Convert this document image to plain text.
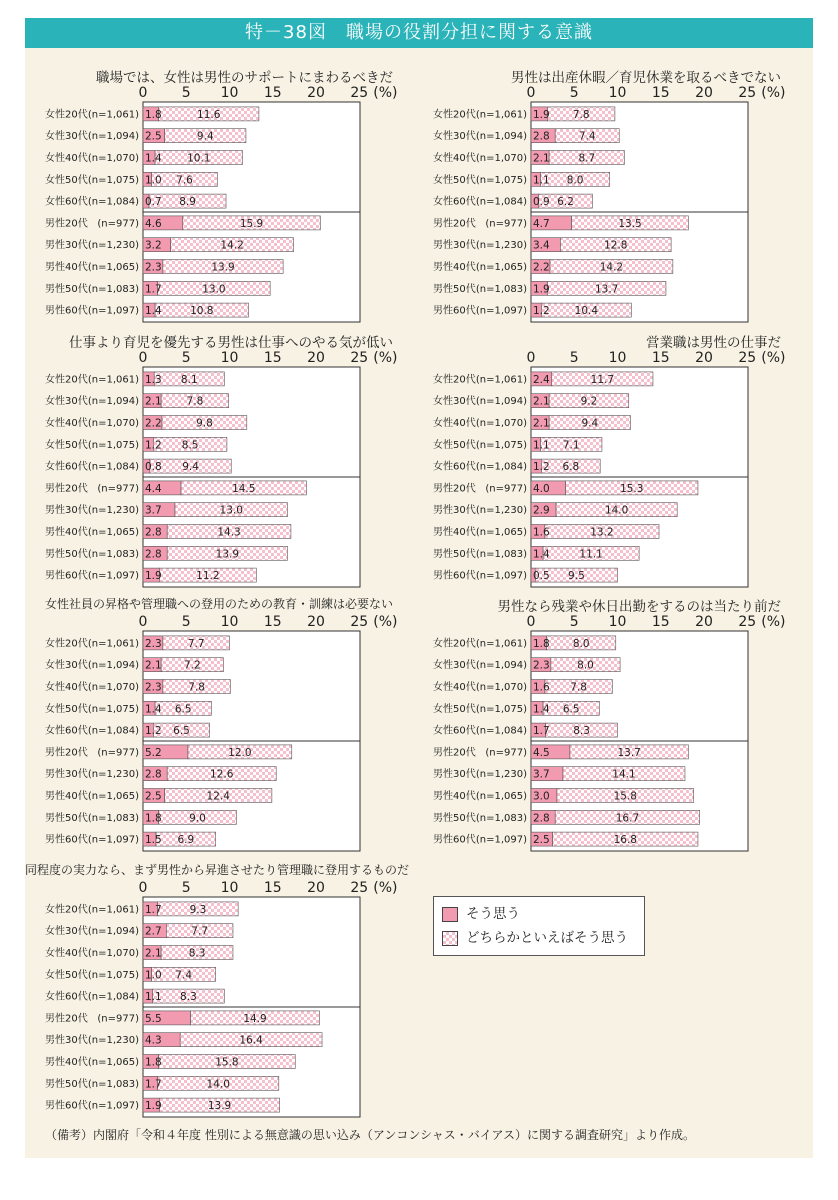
特－38図　職場の役割分担に関する意識
職場では、女性は男性のサポートにまわるべきだ
0 5 10 15 20 25 (%)
女性20代 (n=1,061) 1.8	11.6
女性30代 (n=1,094) 2.5	9.4
女性40代 (n=1,070) 1.4 10.1
女性50代 (n=1,075) 1.0 7.6
女性60代 (n=1,084) 0.7 8.9
男性20代 (n=977) 4.6	15.9
男性30代 (n=1,230) 3.2	14.2
男性40代 (n=1,065) 2.3	13.9
男性50代 (n=1,083) 1.7	13.0
男性60代 (n=1,097) 1.4	10.8
男性は出産休暇／育児休業を取るべきでない
0 5 10 15 20 25 (%)
女性20代 (n=1,061) 1.9 7.8
女性30代 (n=1,094) 2.8	7.4
女性40代 (n=1,070) 2.1	8.7
女性50代 (n=1,075) 1.1 8.0
女性60代 (n=1,084) 0.9 6.2
男性20代 (n=977) 4.7	13.5
男性30代 (n=1,230) 3.4	12.8
男性40代 (n=1,065) 2.2	14.2
男性50代 (n=1,083) 1.9	13.7
男性60代 (n=1,097) 1.2 10.4
仕事より育児を優先する男性は仕事へのやる気が低い
0 5 10 15 20 25 (%)
女性20代 (n=1,061) 1.3 8.1
女性30代 (n=1,094) 2.1 7.8
女性40代 (n=1,070) 2.2	9.8
女性50代 (n=1,075) 1.2 8.5
女性60代 (n=1,084) 0.8 9.4
男性20代 (n=977) 4.4	14.5
男性30代 (n=1,230) 3.7	13.0
男性40代 (n=1,065) 2.8	14.3
男性50代 (n=1,083) 2.8	13.9
男性60代 (n=1,097) 1.9	11.2
営業職は男性の仕事だ
0 5 10 15 20 25 (%)
女性20代 (n=1,061) 2.4	11.7
女性30代 (n=1,094) 2.1	9.2
女性40代 (n=1,070) 2.1	9.4
女性50代 (n=1,075) 1.1 7.1
女性60代 (n=1,084) 1.2 6.8
男性20代 (n=977) 4.0	15.3
男性30代 (n=1,230) 2.9	14.0
男性40代 (n=1,065) 1.6	13.2
男性50代 (n=1,083) 1.4	11.1
男性60代 (n=1,097) 0.5 9.5
女性社員の昇格や管理職への登用のための教育・訓練は必要ない
0 5 10 15 20 25 (%)
女性20代 (n=1,061) 2.3 7.7
女性30代 (n=1,094) 2.1 7.2
女性40代 (n=1,070) 2.3	7.8
女性50代 (n=1,075) 1.4 6.5
女性60代 (n=1,084) 1.2 6.5
男性20代 (n=977) 5.2	12.0
男性30代 (n=1,230) 2.8	12.6
男性40代 (n=1,065) 2.5	12.4
男性50代 (n=1,083) 1.8	9.0
男性60代 (n=1,097) 1.5 6.9
男性なら残業や休日出勤をするのは当たり前だ
0 5 10 15 20 25 (%)
女性20代 (n=1,061) 1.8 8.0
女性30代 (n=1,094) 2.3	8.0
女性40代 (n=1,070) 1.6 7.8
女性50代 (n=1,075) 1.4 6.5
女性60代 (n=1,084) 1.7 8.3
男性20代 (n=977) 4.5	13.7
男性30代 (n=1,230) 3.7	14.1
男性40代 (n=1,065) 3.0	15.8
男性50代 (n=1,083) 2.8	16.7
男性60代 (n=1,097) 2.5	16.8
同程度の実力なら、まず男性から昇進させたり管理職に登用するものだ
0 5 10 15 20 25 (%)
女性20代 (n=1,061) 1.7	9.3
女性30代 (n=1,094) 2.7	7.7
女性40代 (n=1,070) 2.1	8.3
女性50代 (n=1,075) 1.0 7.4
女性60代 (n=1,084) 1.1 8.3
男性20代 (n=977) 5.5	14.9
男性30代 (n=1,230) 4.3	16.4
男性40代 (n=1,065) 1.8	15.8
男性50代 (n=1,083) 1.7	14.0
男性60代 (n=1,097) 1.9	13.9
そう思う
どちらかといえばそう思う
（備考）内閣府「令和４年度 性別による無意識の思い込み（アンコンシャス・バイアス）に関する調査研究」より作成。
